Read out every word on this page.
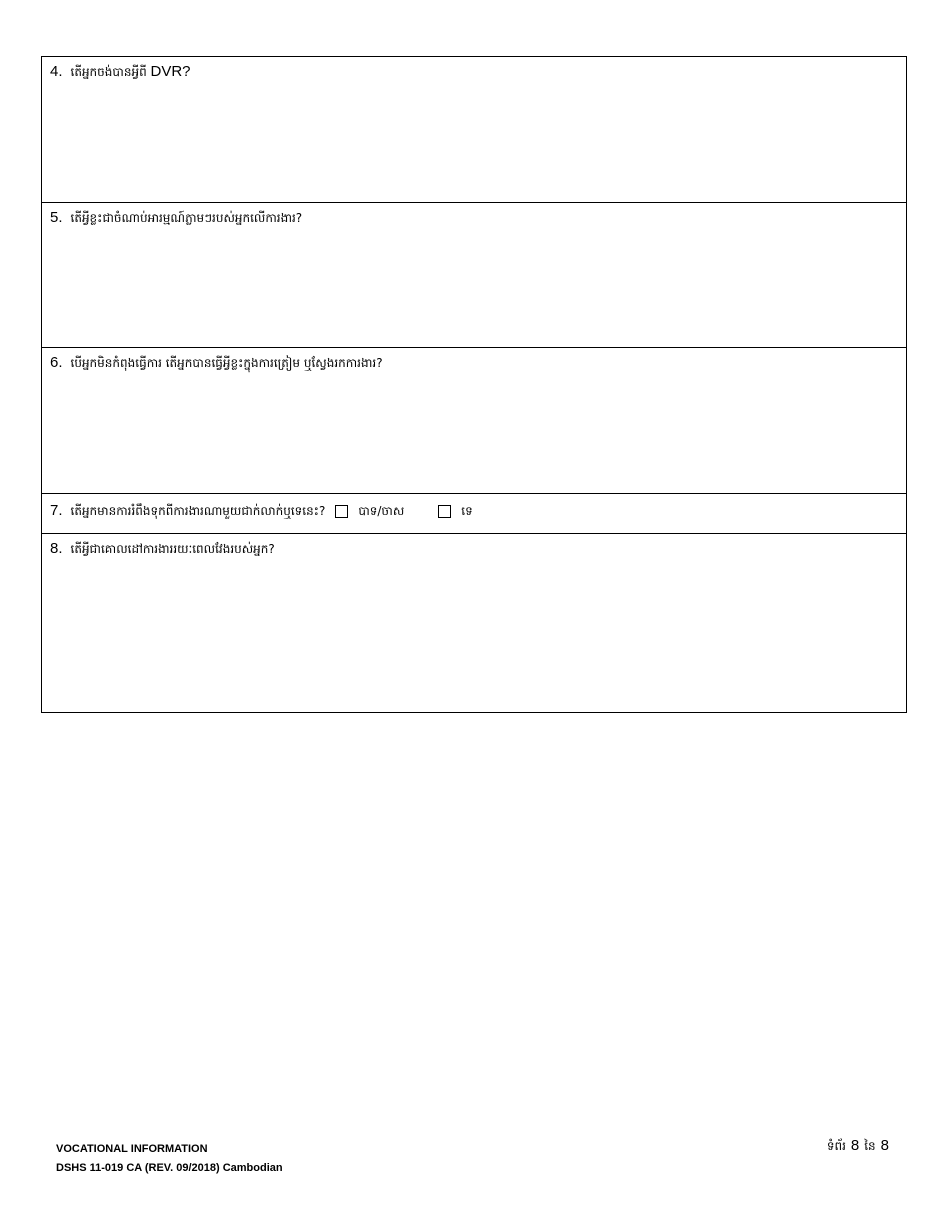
4. តើអ្នកចង់បានអ្វីពី DVR?
5. តើអ្វីខ្លះជាចំណាប់អារម្មណ៍ភ្លាមៗរបស់អ្នកលើការងារ?
6. បើអ្នកមិនកំពុងធ្វើការ តើអ្នកបានធ្វើអ្វីខ្លះក្នុងការត្រៀម ឬស្វែងរកការងារ?
7. តើអ្នកមានការរំពឹងទុកពីការងារណាមួយជាក់លាក់ឬទេនេះ?	បាទ/ចាស	ទេ
8. តើអ្វីជាគោលដៅការងាររយៈពេលវែងរបស់អ្នក?
VOCATIONAL INFORMATION
DSHS 11-019 CA (REV. 09/2018) Cambodian
ទំព័រ 8 នៃ 8
